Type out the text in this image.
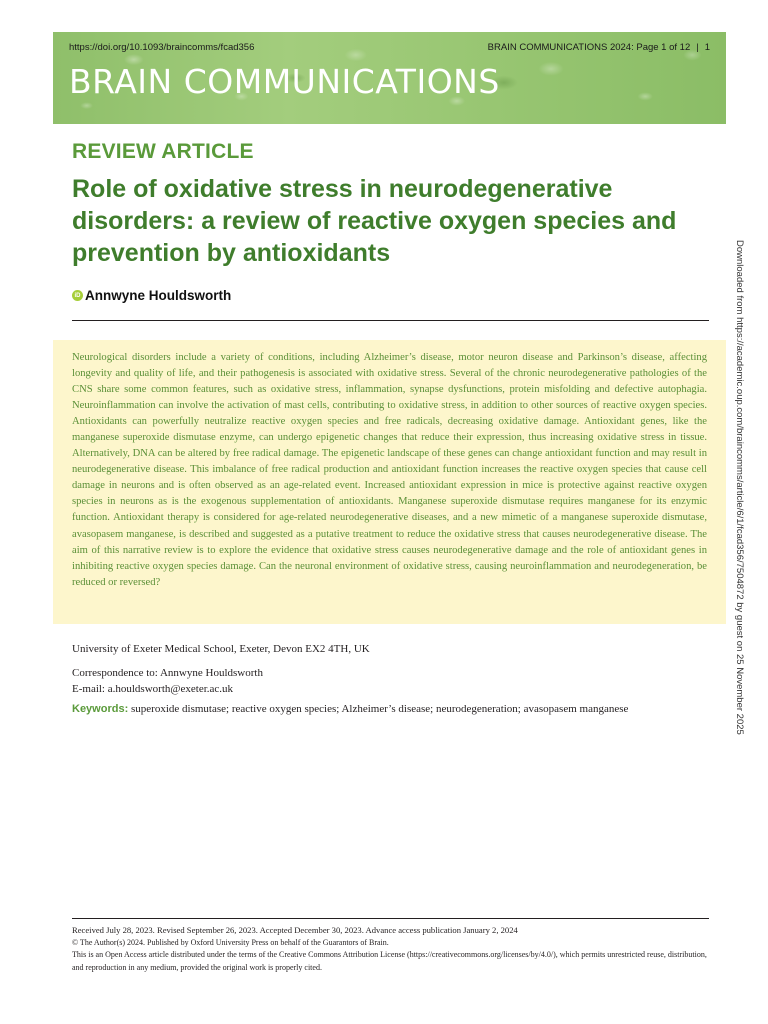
https://doi.org/10.1093/braincomms/fcad356	BRAIN COMMUNICATIONS 2024: Page 1 of 12 | 1
BRAIN COMMUNICATIONS
REVIEW ARTICLE
Role of oxidative stress in neurodegenerative disorders: a review of reactive oxygen species and prevention by antioxidants
iD Annwyne Houldsworth

Neurological disorders include a variety of conditions, including Alzheimer’s disease, motor neuron disease and Parkinson’s disease, affecting longevity and quality of life, and their pathogenesis is associated with oxidative stress. Several of the chronic neurodegenerative pathologies of the CNS share some common features, such as oxidative stress, inflammation, synapse dysfunctions, protein misfolding and defective autophagia. Neuroinflammation can involve the activation of mast cells, contributing to oxidative stress, in addition to other sources of reactive oxygen species. Antioxidants can powerfully neutralize reactive oxygen species and free radicals, decreasing oxidative damage. Antioxidant genes, like the manganese superoxide dismutase enzyme, can undergo epigenetic changes that reduce their expression, thus increasing oxidative stress in tissue. Alternatively, DNA can be altered by free radical damage. The epigenetic landscape of these genes can change antioxidant function and may result in neurodegenerative disease. This imbalance of free radical production and antioxidant function increases the reactive oxygen species that cause cell damage in neurons and is often observed as an age-related event. Increased antioxidant expression in mice is protective against reactive oxygen species in neurons as is the exogenous supplementation of antioxidants. Manganese superoxide dismutase requires manganese for its enzymic function. Antioxidant therapy is considered for age-related neurodegenerative diseases, and a new mimetic of a manganese superoxide dismutase, avasopasem manganese, is described and suggested as a putative treatment to reduce the oxidative stress that causes neurodegenerative disease. The aim of this narrative review is to explore the evidence that oxidative stress causes neurodegenerative damage and the role of antioxidant genes in inhibiting reactive oxygen species damage. Can the neuronal environment of oxidative stress, causing neuroinflammation and neurodegeneration, be reduced or reversed?

University of Exeter Medical School, Exeter, Devon EX2 4TH, UK
Correspondence to: Annwyne Houldsworth
E-mail: a.houldsworth@exeter.ac.uk
Keywords: superoxide dismutase; reactive oxygen species; Alzheimer’s disease; neurodegeneration; avasopasem manganese
Received July 28, 2023. Revised September 26, 2023. Accepted December 30, 2023. Advance access publication January 2, 2024
© The Author(s) 2024. Published by Oxford University Press on behalf of the Guarantors of Brain.
This is an Open Access article distributed under the terms of the Creative Commons Attribution License (https://creativecommons.org/licenses/by/4.0/), which permits unrestricted reuse, distribution, and reproduction in any medium, provided the original work is properly cited.
Downloaded from https://academic.oup.com/braincomms/article/6/1/fcad356/7504872 by guest on 25 November 2025
